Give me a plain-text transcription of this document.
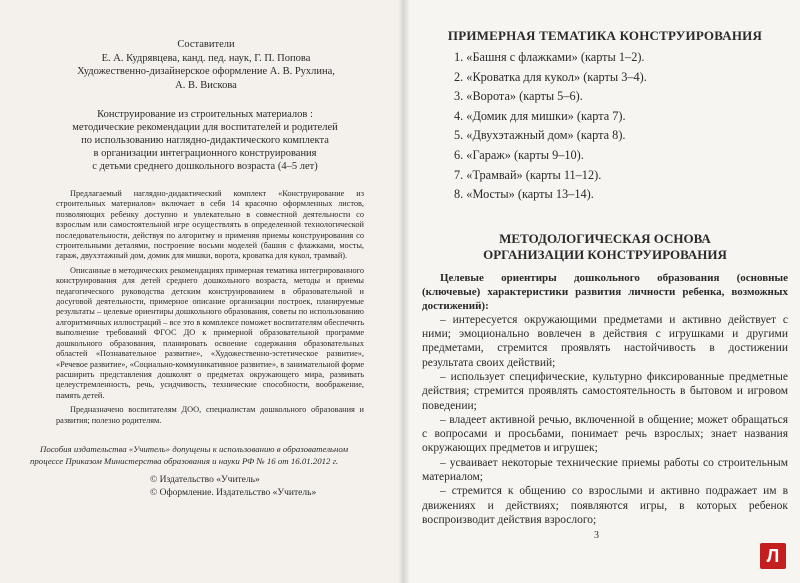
Составители
Е. А. Кудрявцева, канд. пед. наук, Г. П. Попова
Художественно-дизайнерское оформление А. В. Рухлина,
А. В. Вискова
Конструирование из строительных материалов :
методические рекомендации для воспитателей и родителей
по использованию наглядно-дидактического комплекта
в организации интеграционного конструирования
с детьми среднего дошкольного возраста (4–5 лет)

Предлагаемый наглядно-дидактический комплект «Конструирование из строительных материалов» включает в себя 14 красочно оформленных листов, позволяющих ребенку доступно и увлекательно в совместной деятельности со взрослым или самостоятельной игре осуществлять в определенной технологической последовательности, действуя по алгоритму и применяя приемы конструирования со строительными деталями, построение восьми моделей (башня с флажками, мосты, гараж, двухэтажный дом, домик для мишки, ворота, кроватка для кукол, трамвай).

Описанные в методических рекомендациях примерная тематика интегрированного конструирования для детей среднего дошкольного возраста, методы и приемы педагогического руководства детским конструированием в образовательной и досуговой деятельности, примерное описание организации построек, планируемые результаты – целевые ориентиры дошкольного образования, советы по использованию алгоритмичных иллюстраций – все это в комплексе поможет воспитателям обеспечить выполнение требований ФГОС ДО к примерной образовательной программе дошкольного образования, планировать освоение содержания образовательных областей «Познавательное развитие», «Художественно-эстетическое развитие», «Речевое развитие», «Социально-коммуникативное развитие», в занимательной форме расширить представления дошколят о предметах окружающего мира, развивать целеустремленность, речь, усидчивость, технические способности, воображение, память детей.

Предназначено воспитателям ДОО, специалистам дошкольного образования и развития; полезно родителям.

Пособия издательства «Учитель» допущены к использованию в образовательном процессе Приказом Министерства образования и науки РФ № 16 от 16.01.2012 г.
© Издательство «Учитель»
© Оформление. Издательство «Учитель»
ПРИМЕРНАЯ ТЕМАТИКА КОНСТРУИРОВАНИЯ
1. «Башня с флажками» (карты 1–2).
2. «Кроватка для кукол» (карты 3–4).
3. «Ворота» (карты 5–6).
4. «Домик для мишки» (карта 7).
5. «Двухэтажный дом» (карта 8).
6. «Гараж» (карты 9–10).
7. «Трамвай» (карты 11–12).
8. «Мосты» (карты 13–14).
МЕТОДОЛОГИЧЕСКАЯ ОСНОВА
ОРГАНИЗАЦИИ КОНСТРУИРОВАНИЯ

Целевые ориентиры дошкольного образования (основные (ключевые) характеристики развития личности ребенка, возможных достижений):

– интересуется окружающими предметами и активно действует с ними; эмоционально вовлечен в действия с игрушками и другими предметами, стремится проявлять настойчивость в достижении результата своих действий;

– использует специфические, культурно фиксированные предметные действия; стремится проявлять самостоятельность в бытовом и игровом поведении;

– владеет активной речью, включенной в общение; может обращаться с вопросами и просьбами, понимает речь взрослых; знает названия окружающих предметов и игрушек;

– усваивает некоторые технические приемы работы со строительным материалом;

– стремится к общению со взрослыми и активно подражает им в движениях и действиях; появляются игры, в которых ребенок воспроизводит действия взрослого;

3
Л
